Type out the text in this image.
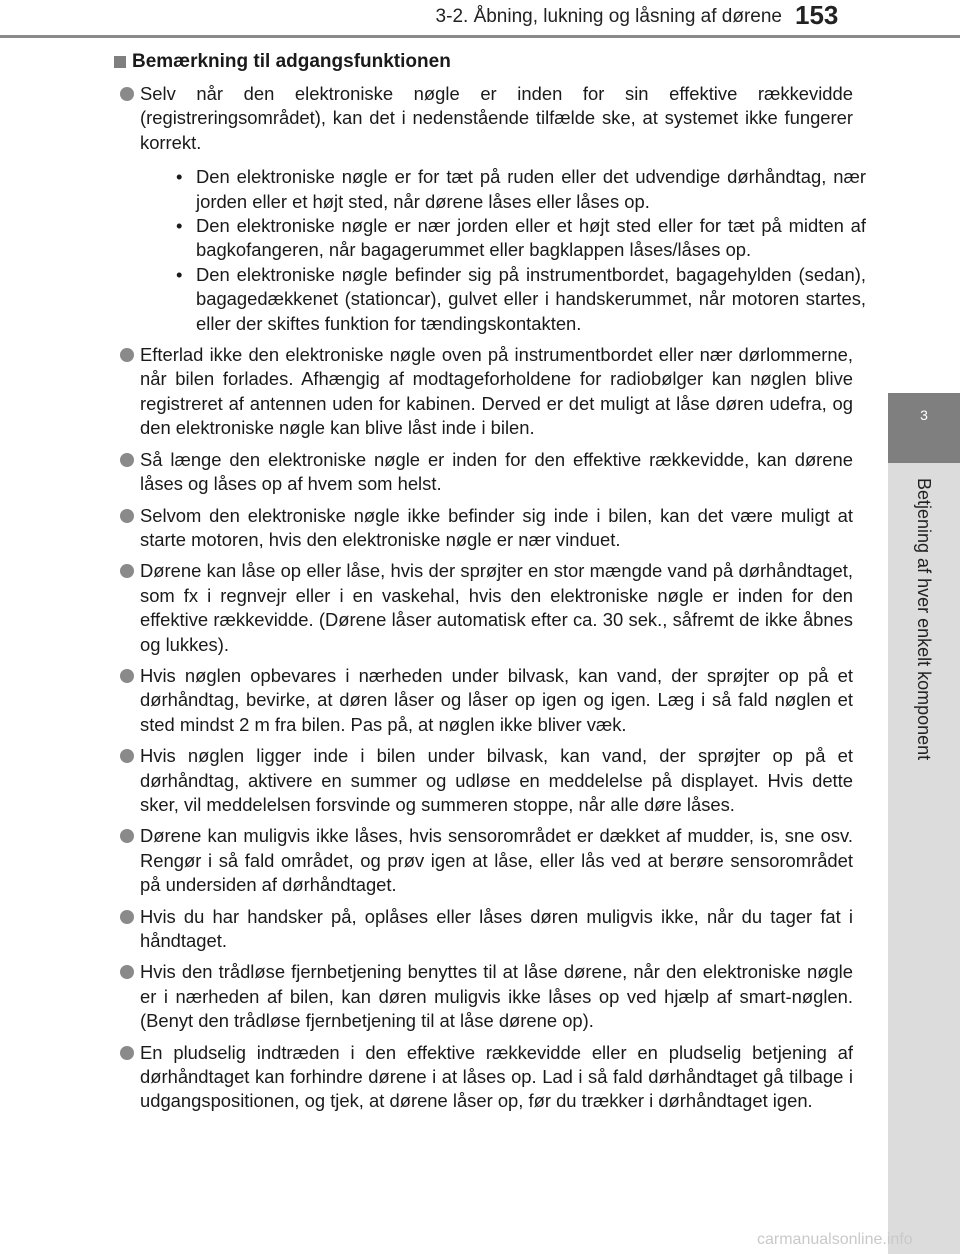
3-2. Åbning, lukning og låsning af dørene 153
3
Betjening af hver enkelt komponent
Bemærkning til adgangsfunktionen
Selv når den elektroniske nøgle er inden for sin effektive rækkevidde (registreringsområdet), kan det i nedenstående tilfælde ske, at systemet ikke fungerer korrekt.
• Den elektroniske nøgle er for tæt på ruden eller det udvendige dørhåndtag, nær jorden eller et højt sted, når dørene låses eller låses op.
• Den elektroniske nøgle er nær jorden eller et højt sted eller for tæt på midten af bagkofangeren, når bagagerummet eller bagklappen låses/låses op.
• Den elektroniske nøgle befinder sig på instrumentbordet, bagagehylden (sedan), bagagedækkenet (stationcar), gulvet eller i handskerummet, når motoren startes, eller der skiftes funktion for tændingskontakten.
Efterlad ikke den elektroniske nøgle oven på instrumentbordet eller nær dørlommerne, når bilen forlades. Afhængig af modtageforholdene for radiobølger kan nøglen blive registreret af antennen uden for kabinen. Derved er det muligt at låse døren udefra, og den elektroniske nøgle kan blive låst inde i bilen.
Så længe den elektroniske nøgle er inden for den effektive rækkevidde, kan dørene låses og låses op af hvem som helst.
Selvom den elektroniske nøgle ikke befinder sig inde i bilen, kan det være muligt at starte motoren, hvis den elektroniske nøgle er nær vinduet.
Dørene kan låse op eller låse, hvis der sprøjter en stor mængde vand på dørhåndtaget, som fx i regnvejr eller i en vaskehal, hvis den elektroniske nøgle er inden for den effektive rækkevidde. (Dørene låser automatisk efter ca. 30 sek., såfremt de ikke åbnes og lukkes).
Hvis nøglen opbevares i nærheden under bilvask, kan vand, der sprøjter op på et dørhåndtag, bevirke, at døren låser og låser op igen og igen. Læg i så fald nøglen et sted mindst 2 m fra bilen. Pas på, at nøglen ikke bliver væk.
Hvis nøglen ligger inde i bilen under bilvask, kan vand, der sprøjter op på et dørhåndtag, aktivere en summer og udløse en meddelelse på displayet. Hvis dette sker, vil meddelelsen forsvinde og summeren stoppe, når alle døre låses.
Dørene kan muligvis ikke låses, hvis sensorområdet er dækket af mudder, is, sne osv. Rengør i så fald området, og prøv igen at låse, eller lås ved at berøre sensorområdet på undersiden af dørhåndtaget.
Hvis du har handsker på, oplåses eller låses døren muligvis ikke, når du tager fat i håndtaget.
Hvis den trådløse fjernbetjening benyttes til at låse dørene, når den elektroniske nøgle er i nærheden af bilen, kan døren muligvis ikke låses op ved hjælp af smart-nøglen. (Benyt den trådløse fjernbetjening til at låse dørene op).
En pludselig indtræden i den effektive rækkevidde eller en pludselig betjening af dørhåndtaget kan forhindre dørene i at låses op. Lad i så fald dørhåndtaget gå tilbage i udgangspositionen, og tjek, at dørene låser op, før du trækker i dørhåndtaget igen.
carmanualsonline.info
